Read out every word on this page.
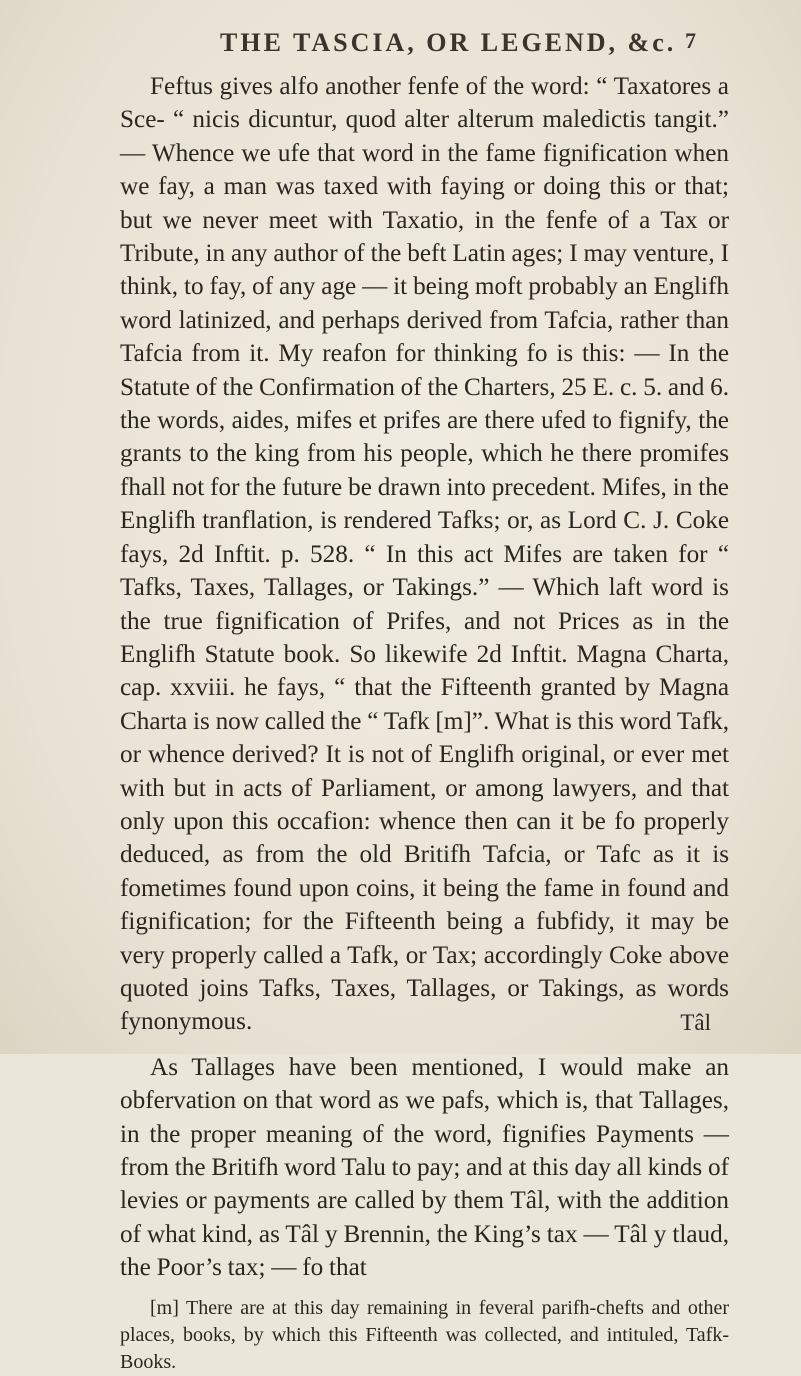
THE TASCIA, OR LEGEND, &c. 7

Feftus gives alfo another fenfe of the word: “ Taxatores a Sce- “ nicis dicuntur, quod alter alterum maledictis tangit.” — Whence we ufe that word in the fame fignification when we fay, a man was taxed with faying or doing this or that; but we never meet with Taxatio, in the fenfe of a Tax or Tribute, in any author of the beft Latin ages; I may venture, I think, to fay, of any age — it being moft probably an Englifh word latinized, and perhaps derived from Tafcia, rather than Tafcia from it. My reafon for thinking fo is this: — In the Statute of the Confirmation of the Charters, 25 E. c. 5. and 6. the words, aides, mifes et prifes are there ufed to fignify, the grants to the king from his people, which he there promifes fhall not for the future be drawn into precedent. Mifes, in the Englifh tranflation, is rendered Tafks; or, as Lord C. J. Coke fays, 2d Inftit. p. 528. “ In this act Mifes are taken for “ Tafks, Taxes, Tallages, or Takings.” — Which laft word is the true fignification of Prifes, and not Prices as in the Englifh Statute book. So likewife 2d Inftit. Magna Charta, cap. xxviii. he fays, “ that the Fifteenth granted by Magna Charta is now called the “ Tafk [m]”. What is this word Tafk, or whence derived? It is not of Englifh original, or ever met with but in acts of Parliament, or among lawyers, and that only upon this occafion: whence then can it be fo properly deduced, as from the old Britifh Tafcia, or Tafc as it is fometimes found upon coins, it being the fame in found and fignification; for the Fifteenth being a fubfidy, it may be very properly called a Tafk, or Tax; accordingly Coke above quoted joins Tafks, Taxes, Tallages, or Takings, as words fynonymous.

As Tallages have been mentioned, I would make an obfervation on that word as we pafs, which is, that Tallages, in the proper meaning of the word, fignifies Payments — from the Britifh word Talu to pay; and at this day all kinds of levies or payments are called by them Tâl, with the addition of what kind, as Tâl y Brennin, the King’s tax — Tâl y tlaud, the Poor’s tax; — fo that

[m] There are at this day remaining in feveral parifh-chefts and other places, books, by which this Fifteenth was collected, and intituled, Tafk-Books.
Tâl
